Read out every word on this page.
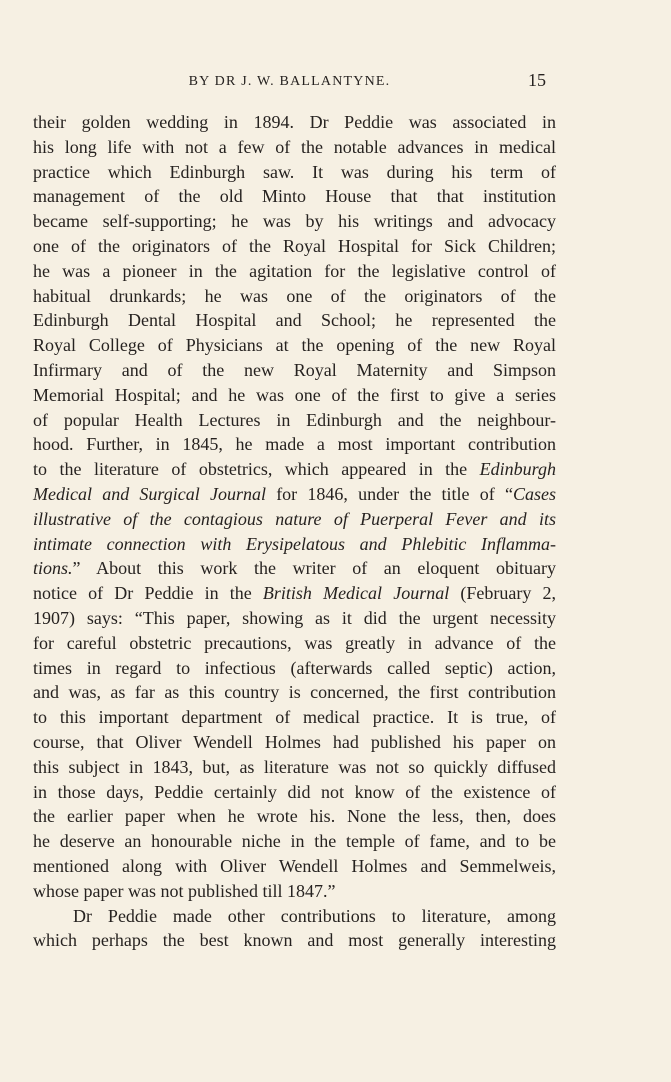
BY DR J. W. BALLANTYNE.	15
their golden wedding in 1894. Dr Peddie was associated in
his long life with not a few of the notable advances in medical
practice which Edinburgh saw. It was during his term of
management of the old Minto House that that institution
became self-supporting; he was by his writings and advocacy
one of the originators of the Royal Hospital for Sick Children;
he was a pioneer in the agitation for the legislative control of
habitual drunkards; he was one of the originators of the
Edinburgh Dental Hospital and School; he represented the
Royal College of Physicians at the opening of the new Royal
Infirmary and of the new Royal Maternity and Simpson
Memorial Hospital; and he was one of the first to give a series
of popular Health Lectures in Edinburgh and the neighbour-
hood. Further, in 1845, he made a most important contribution
to the literature of obstetrics, which appeared in the Edinburgh
Medical and Surgical Journal for 1846, under the title of “Cases
illustrative of the contagious nature of Puerperal Fever and its
intimate connection with Erysipelatous and Phlebitic Inflamma-
tions.” About this work the writer of an eloquent obituary
notice of Dr Peddie in the British Medical Journal (February 2,
1907) says: “This paper, showing as it did the urgent necessity
for careful obstetric precautions, was greatly in advance of the
times in regard to infectious (afterwards called septic) action,
and was, as far as this country is concerned, the first contribution
to this important department of medical practice. It is true, of
course, that Oliver Wendell Holmes had published his paper on
this subject in 1843, but, as literature was not so quickly diffused
in those days, Peddie certainly did not know of the existence of
the earlier paper when he wrote his. None the less, then, does
he deserve an honourable niche in the temple of fame, and to be
mentioned along with Oliver Wendell Holmes and Semmelweis,
whose paper was not published till 1847.”
Dr Peddie made other contributions to literature, among
which perhaps the best known and most generally interesting
